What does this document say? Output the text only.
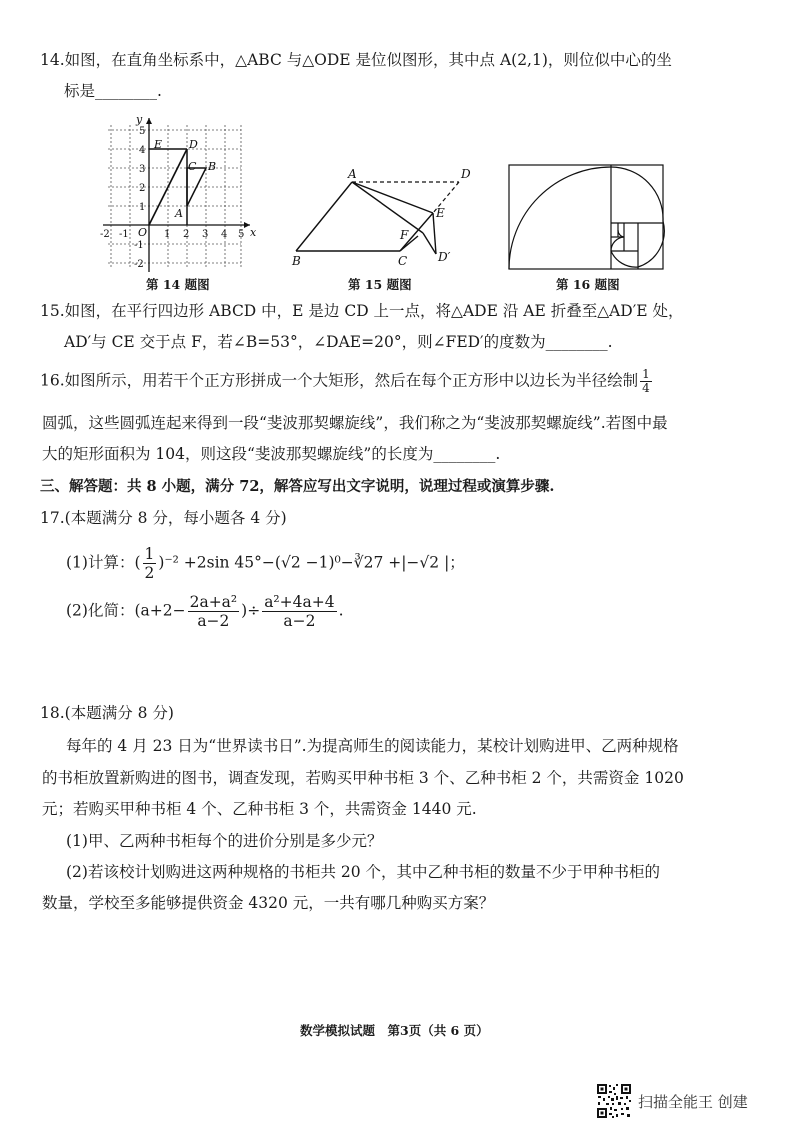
14.如图，在直角坐标系中，△ABC 与△ODE 是位似图形，其中点 A(2,1)，则位似中心的坐
标是________.
y
x
O
A
B
C
D
E
-2 -1	1 2 3 4 5
5
4
3
2
1
-1
-2
第 14 题图
A
B	C
D
E
F
D′
第 15 题图	第 16 题图
15.如图，在平行四边形 ABCD 中，E 是边 CD 上一点，将△ADE 沿 AE 折叠至△AD′E 处，
AD′与 CE 交于点 F，若∠B=53°，∠DAE=20°，则∠FED′的度数为________.
16.如图所示，用若干个正方形拼成一个大矩形，然后在每个正方形中以边长为半径绘制 $\frac{1}{4}$
圆弧，这些圆弧连起来得到一段“斐波那契螺旋线”，我们称之为“斐波那契螺旋线”.若图中最
大的矩形面积为 104，则这段“斐波那契螺旋线”的长度为________.
三、解答题：共 8 小题，满分 72，解答应写出文字说明，说理过程或演算步骤.
17.(本题满分 8 分，每小题各 4 分)
(1)计算：( $\frac{1}{2} )^{-2} +2\sin$ 45°−(√2 −1)⁰−∛27 +|−√2 |；
(2)化简：($a+2- \frac{\text{2a+a²}}{a-2}$ )÷ $\frac{\text{a²+4a+4}}{a-2}$ .
18.(本题满分 8 分)
每年的 4 月 23 日为“世界读书日”.为提高师生的阅读能力，某校计划购进甲、乙两种规格
的书柜放置新购进的图书，调查发现，若购买甲种书柜 3 个、乙种书柜 2 个，共需资金 1020
元；若购买甲种书柜 4 个、乙种书柜 3 个，共需资金 1440 元.
(1)甲、乙两种书柜每个的进价分别是多少元？
(2)若该校计划购进这两种规格的书柜共 20 个，其中乙种书柜的数量不少于甲种书柜的
数量，学校至多能够提供资金 4320 元，一共有哪几种购买方案？
数学模拟试题　第3页（共 6 页）
扫描全能王 创建
